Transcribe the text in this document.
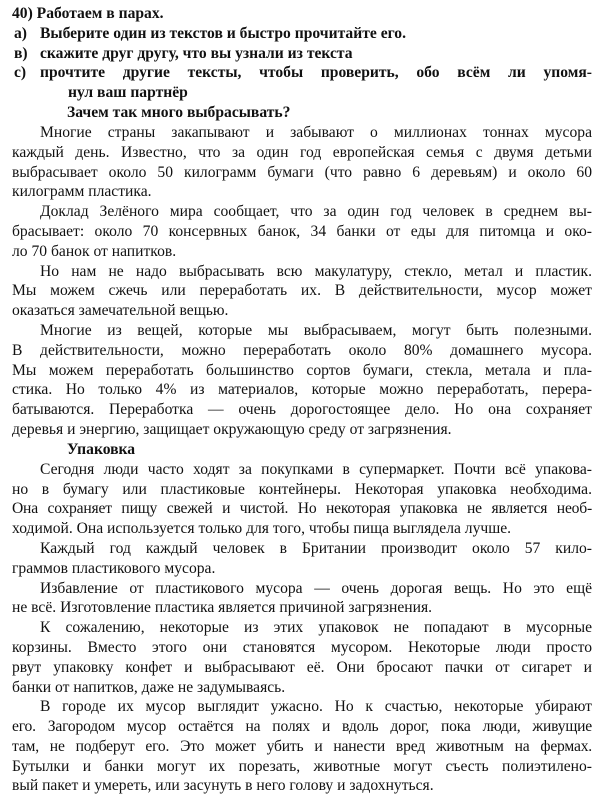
40) Работаем в парах.
a) Выберите один из текстов и быстро прочитайте его.
в) скажите друг другу, что вы узнали из текста
c) прочтите другие тексты, чтобы проверить, обо всём ли упомя-
нул ваш партнёр
Зачем так много выбрасывать?
Многие страны закапывают и забывают о миллионах тоннах мусора
каждый день. Известно, что за один год европейская семья с двумя детьми
выбрасывает около 50 килограмм бумаги (что равно 6 деревьям) и около 60
килограмм пластика.
Доклад Зелёного мира сообщает, что за один год человек в среднем вы-
брасывает: около 70 консервных банок, 34 банки от еды для питомца и око-
ло 70 банок от напитков.
Но нам не надо выбрасывать всю макулатуру, стекло, метал и пластик.
Мы можем сжечь или переработать их. В действительности, мусор может
оказаться замечательной вещью.
Многие из вещей, которые мы выбрасываем, могут быть полезными.
В действительности, можно переработать около 80% домашнего мусора.
Мы можем переработать большинство сортов бумаги, стекла, метала и пла-
стика. Но только 4% из материалов, которые можно переработать, перера-
батываются. Переработка — очень дорогостоящее дело. Но она сохраняет
деревья и энергию, защищает окружающую среду от загрязнения.
Упаковка
Сегодня люди часто ходят за покупками в супермаркет. Почти всё упакова-
но в бумагу или пластиковые контейнеры. Некоторая упаковка необходима.
Она сохраняет пищу свежей и чистой. Но некоторая упаковка не является необ-
ходимой. Она используется только для того, чтобы пища выглядела лучше.
Каждый год каждый человек в Британии производит около 57 кило-
граммов пластикового мусора.
Избавление от пластикового мусора — очень дорогая вещь. Но это ещё
не всё. Изготовление пластика является причиной загрязнения.
К сожалению, некоторые из этих упаковок не попадают в мусорные
корзины. Вместо этого они становятся мусором. Некоторые люди просто
рвут упаковку конфет и выбрасывают её. Они бросают пачки от сигарет и
банки от напитков, даже не задумываясь.
В городе их мусор выглядит ужасно. Но к счастью, некоторые убирают
его. Загородом мусор остаётся на полях и вдоль дорог, пока люди, живущие
там, не подберут его. Это может убить и нанести вред животным на фермах.
Бутылки и банки могут их порезать, животные могут съесть полиэтилено-
вый пакет и умереть, или засунуть в него голову и задохнуться.
